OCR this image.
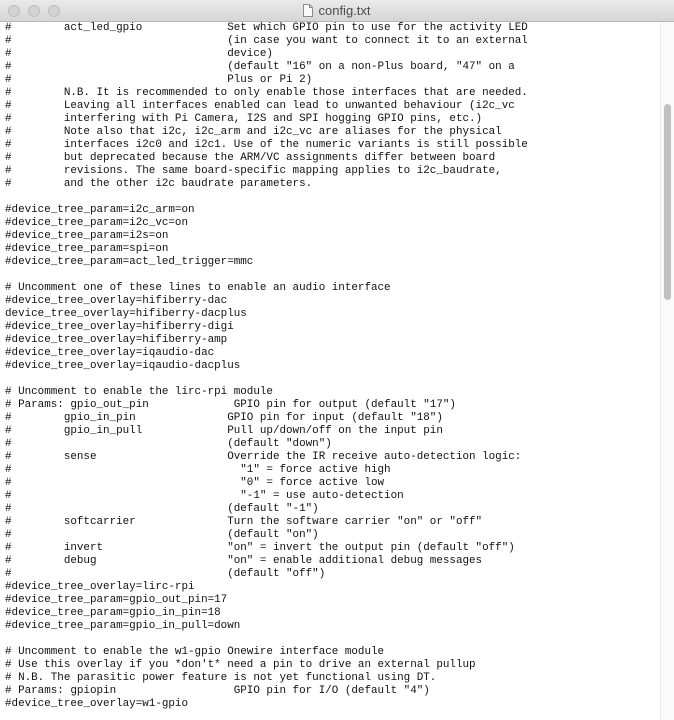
config.txt
#        act_led_gpio             Set which GPIO pin to use for the activity LED
#                                 (in case you want to connect it to an external
#                                 device)
#                                 (default "16" on a non-Plus board, "47" on a
#                                 Plus or Pi 2)
#        N.B. It is recommended to only enable those interfaces that are needed.
#        Leaving all interfaces enabled can lead to unwanted behaviour (i2c_vc
#        interfering with Pi Camera, I2S and SPI hogging GPIO pins, etc.)
#        Note also that i2c, i2c_arm and i2c_vc are aliases for the physical
#        interfaces i2c0 and i2c1. Use of the numeric variants is still possible
#        but deprecated because the ARM/VC assignments differ between board
#        revisions. The same board-specific mapping applies to i2c_baudrate,
#        and the other i2c baudrate parameters.

#device_tree_param=i2c_arm=on
#device_tree_param=i2c_vc=on
#device_tree_param=i2s=on
#device_tree_param=spi=on
#device_tree_param=act_led_trigger=mmc

# Uncomment one of these lines to enable an audio interface
#device_tree_overlay=hifiberry-dac
device_tree_overlay=hifiberry-dacplus
#device_tree_overlay=hifiberry-digi
#device_tree_overlay=hifiberry-amp
#device_tree_overlay=iqaudio-dac
#device_tree_overlay=iqaudio-dacplus

# Uncomment to enable the lirc-rpi module
# Params: gpio_out_pin             GPIO pin for output (default "17")
#        gpio_in_pin              GPIO pin for input (default "18")
#        gpio_in_pull             Pull up/down/off on the input pin
#                                 (default "down")
#        sense                    Override the IR receive auto-detection logic:
#                                   "1" = force active high
#                                   "0" = force active low
#                                   "-1" = use auto-detection
#                                 (default "-1")
#        softcarrier              Turn the software carrier "on" or "off"
#                                 (default "on")
#        invert                   "on" = invert the output pin (default "off")
#        debug                    "on" = enable additional debug messages
#                                 (default "off")
#device_tree_overlay=lirc-rpi
#device_tree_param=gpio_out_pin=17
#device_tree_param=gpio_in_pin=18
#device_tree_param=gpio_in_pull=down

# Uncomment to enable the w1-gpio Onewire interface module
# Use this overlay if you *don't* need a pin to drive an external pullup
# N.B. The parasitic power feature is not yet functional using DT.
# Params: gpiopin                  GPIO pin for I/O (default "4")
#device_tree_overlay=w1-gpio
